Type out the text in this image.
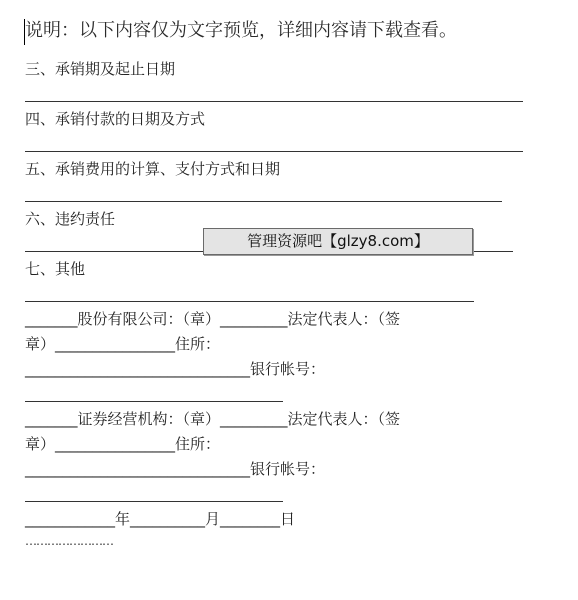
说明：以下内容仅为文字预览，详细内容请下载查看。
三、承销期及起止日期
四、承销付款的日期及方式
五、承销费用的计算、支付方式和日期
六、违约责任
七、其他
_______股份有限公司：（章）_________法定代表人：（签
章）________________住所：
______________________________银行帐号：
_______证券经营机构：（章）_________法定代表人：（签
章）________________住所：
______________________________银行帐号：
____________年__________月________日
……………………
管理资源吧【glzy8.com】
